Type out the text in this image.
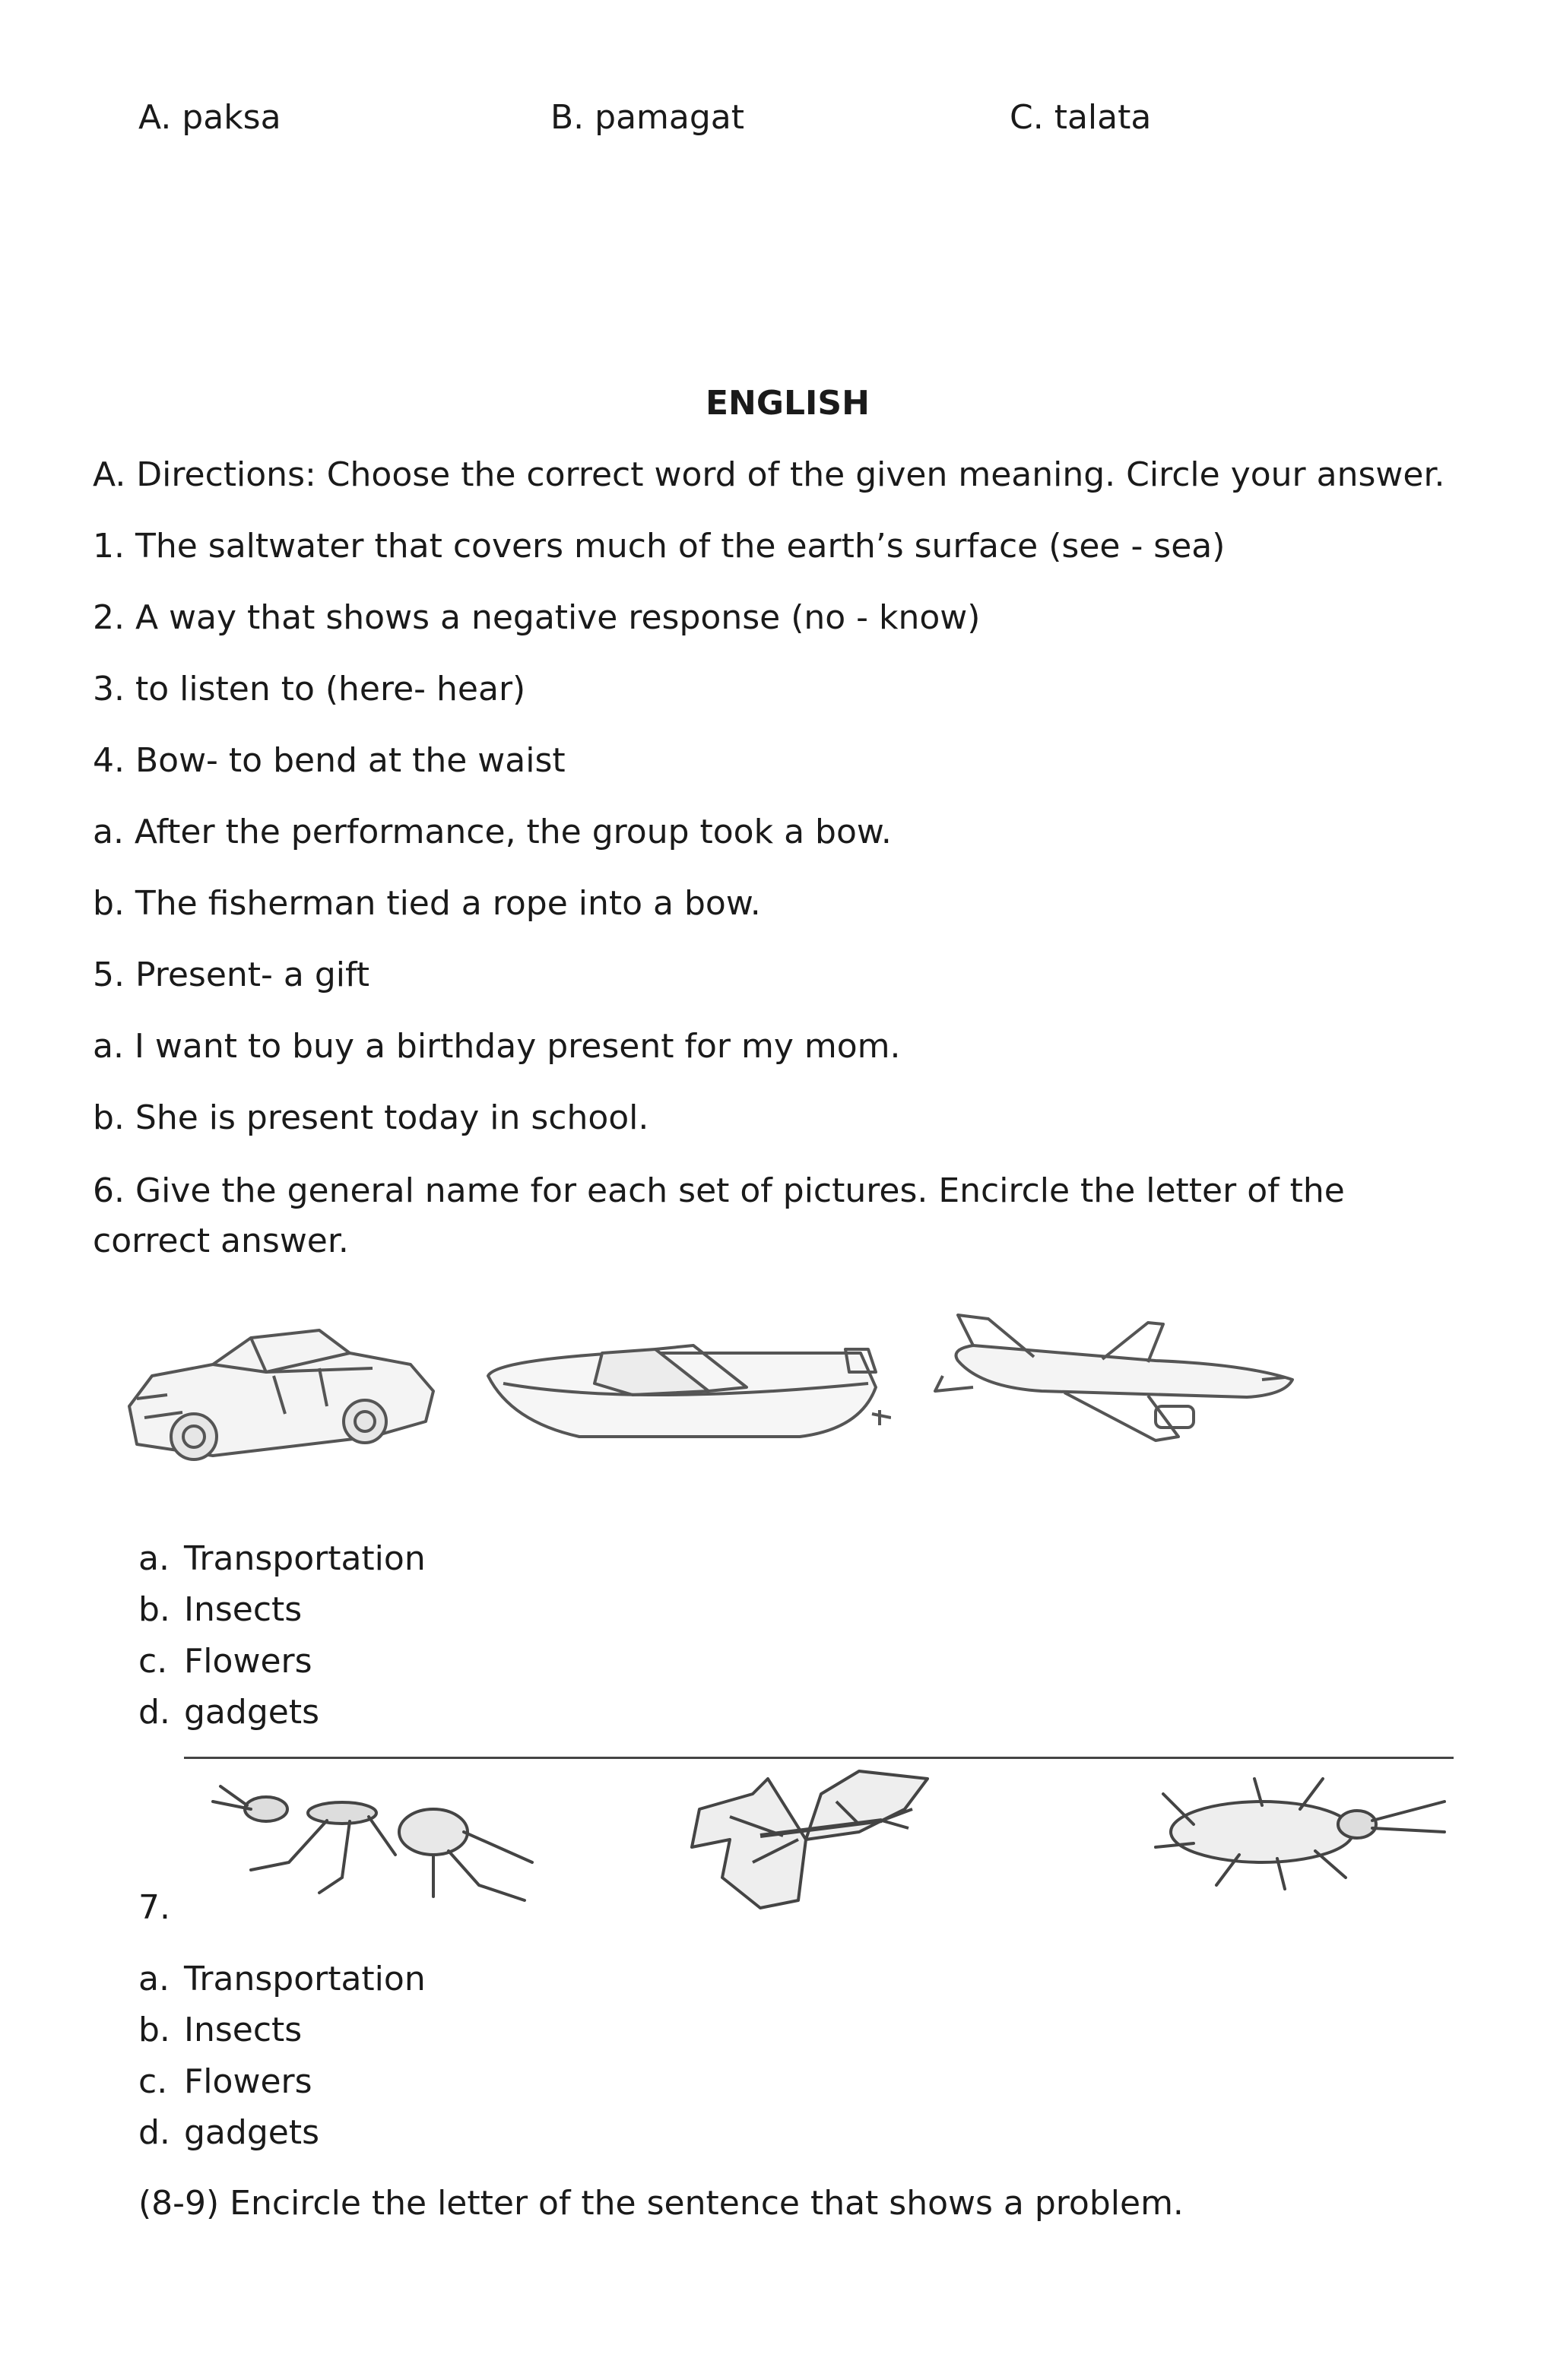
A. paksa	B. pamagat	C. talata
ENGLISH
A. Directions: Choose the correct word of the given meaning. Circle your answer.
1. The saltwater that covers much of the earth’s surface (see - sea)
2. A way that shows a negative response (no - know)
3. to listen to (here- hear)
4. Bow- to bend at the waist
a. After the performance, the group took a bow.
b. The fisherman tied a rope into a bow.
5. Present- a gift
a. I want to buy a birthday present for my mom.
b. She is present today in school.
6. Give the general name for each set of pictures. Encircle the letter of the correct answer.
a. Transportation
b. Insects
c. Flowers
d. gadgets
7.
a. Transportation
b. Insects
c. Flowers
d. gadgets
(8-9) Encircle the letter of the sentence that shows a problem.
